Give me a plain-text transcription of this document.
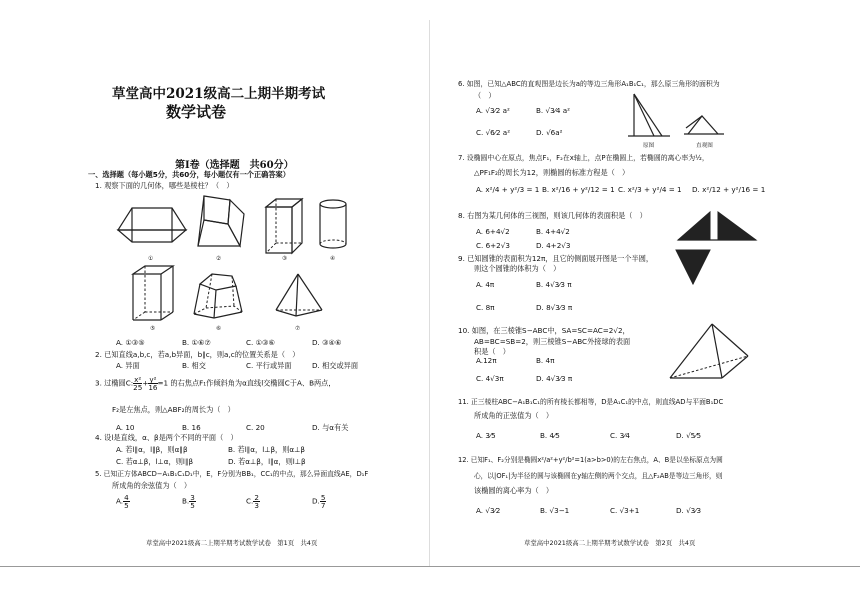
草堂高中2021级高二上期半期考试
数学试卷
第Ⅰ卷（选择题　共60分）
一、选择题（每小题5分，共60分，每小题仅有一个正确答案）
1. 观察下面的几何体，哪些是棱柱？（　）
①	②	③	④
⑤	⑥	⑦
A. ①③⑤	B. ①⑥⑦	C. ①③⑥	D. ③④⑥
2. 已知直线a,b,c，若a,b异面，b∥c，则a,c的位置关系是（　）
A. 异面	B. 相交	C. 平行或异面	D. 相交或异面
3. 过椭圆C: $\frac{\text{x²}}{25} + \frac{\text{y²}}{16} =1$ 的右焦点F₁作倾斜角为α直线l交椭圆C于A、B两点，
F₂是左焦点，则△ABF₂的周长为（　）
A. 10	B. 16	C. 20	D. 与α有关
4. 设l是直线，α、β是两个不同的平面（　）
A. 若l∥α，l∥β，则α∥β	B. 若l∥α，l⊥β，则α⊥β
C. 若α⊥β，l⊥α，则l∥β	D. 若α⊥β，l∥α，则l⊥β
5. 已知正方体ABCD−A₁B₁C₁D₁中，E，F分别为BB₁，CC₁的中点，那么异面直线AE，D₁F
所成角的余弦值为（　）
A. $\frac{4}{5}$	B. $\frac{3}{5}$	C. $\frac{2}{3}$	D. $\frac{5}{7}$
草堂高中2021级高二上期半期考试数学试卷　第1页　共4页
6. 如图，已知△ABC的直观图是边长为a的等边三角形A₁B₁C₁，那么原三角形的面积为
（　）
A. √3⁄2 a²	B. √3⁄4 a²
C. √6⁄2 a²	D. √6a²
原图	直观图
7. 设椭圆中心在原点，焦点F₁，F₂在x轴上，点P在椭圆上，若椭圆的离心率为½，
△PF₁F₂的周长为12，则椭圆的标准方程是（　）
A. x²/4 + y²/3 = 1 B. x²/16 + y²/12 = 1 C. x²/3 + y²/4 = 1 D. x²/12 + y²/16 = 1
8. 右图为某几何体的三视图，则该几何体的表面积是（　）
A. 6+4√2	B. 4+4√2
C. 6+2√3	D. 4+2√3
9. 已知圆锥的表面积为12π，且它的侧面展开图是一个半圆，
则这个圆锥的体积为（　）
A. 4π	B. 4√3⁄3 π
C. 8π	D. 8√3⁄3 π
10. 如图，在三棱锥S−ABC中，SA=SC=AC=2√2，
AB=BC=SB=2，则三棱锥S−ABC外接球的表面
积是（　）
A.12π	B. 4π
C. 4√3π	D. 4√3⁄3 π
11. 正三棱柱ABC−A₁B₁C₁的所有棱长都相等，D是A₁C₁的中点，则直线AD与平面B₁DC
所成角的正弦值为（　）
A. 3⁄5	B. 4⁄5	C. 3⁄4	D. √5⁄5
12. 已知F₁、F₂分别是椭圆x²/a²+y²/b²=1(a>b>0)的左右焦点，A、B是以坐标原点为圆
心，以|OF₁|为半径的圆与该椭圆在y轴左侧的两个交点，且△F₂AB是等边三角形，则
该椭圆的离心率为（　）
A. √3⁄2	B. √3−1	C. √3+1	D. √3⁄3
草堂高中2021级高二上期半期考试数学试卷　第2页　共4页
